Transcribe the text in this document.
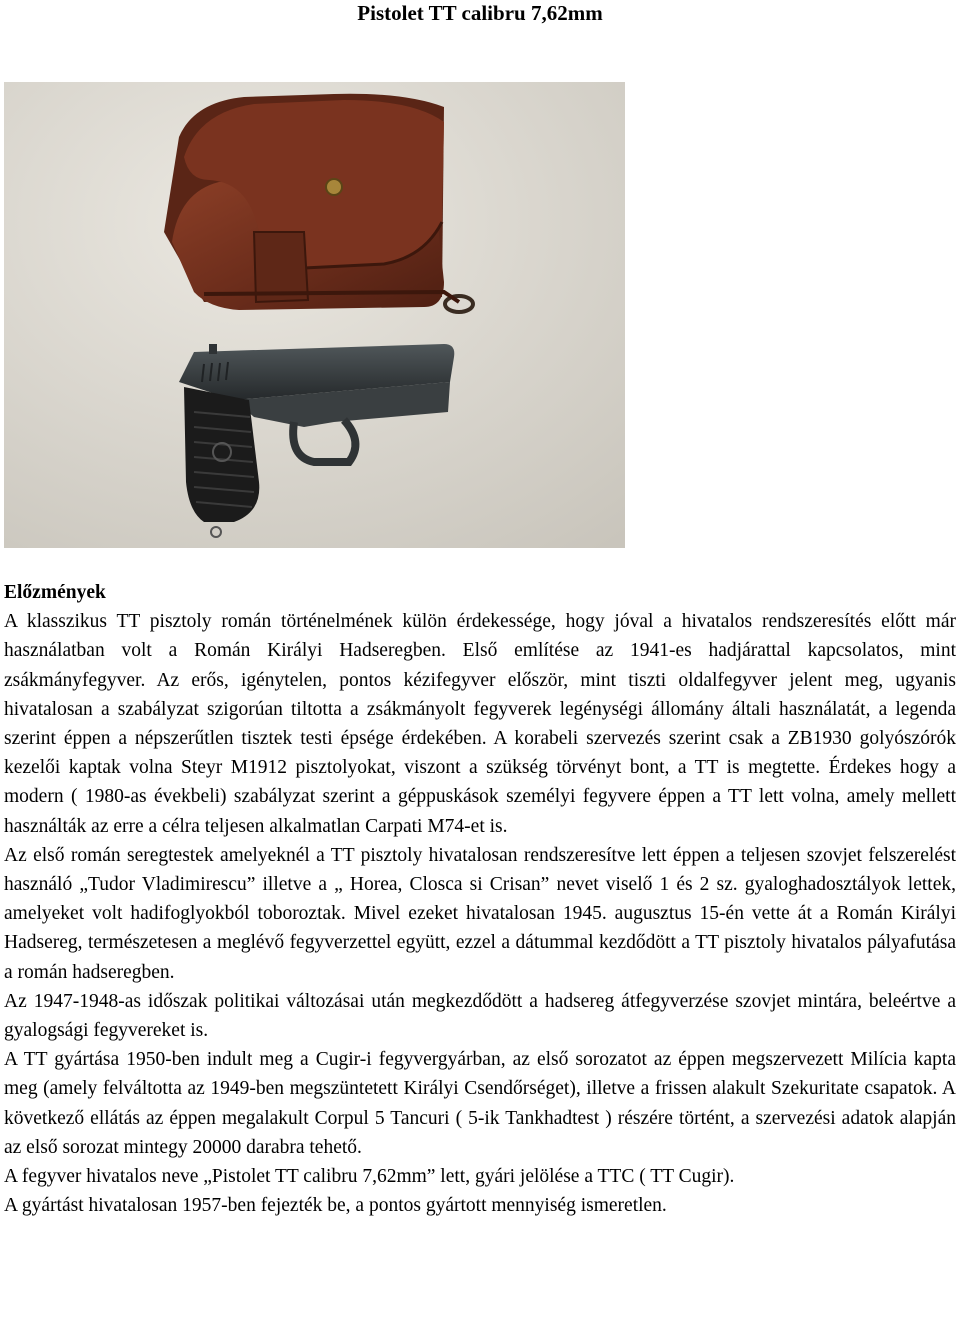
Pistolet TT calibru 7,62mm

Előzmények

A klasszikus TT pisztoly román történelmének külön érdekessége, hogy jóval a hivatalos rendszeresítés előtt már használatban volt a Román Királyi Hadseregben. Első említése az 1941-es hadjárattal kapcsolatos, mint zsákmányfegyver. Az erős, igénytelen, pontos kézifegyver először, mint tiszti oldalfegyver jelent meg, ugyanis hivatalosan a szabályzat szigorúan tiltotta a zsákmányolt fegyverek legénységi állomány általi használatát, a legenda szerint éppen a népszerűtlen tisztek testi épsége érdekében. A korabeli szervezés szerint csak a ZB1930 golyószórók kezelői kaptak volna Steyr M1912 pisztolyokat, viszont a szükség törvényt bont, a TT is megtette. Érdekes hogy a modern ( 1980-as évekbeli) szabályzat szerint a géppuskások személyi fegyvere éppen a TT lett volna, amely mellett használták az erre a célra teljesen alkalmatlan Carpati M74-et is.

Az első román seregtestek amelyeknél a TT pisztoly hivatalosan rendszeresítve lett éppen a teljesen szovjet felszerelést használó „Tudor Vladimirescu” illetve a „ Horea, Closca si Crisan” nevet viselő 1 és 2 sz. gyaloghadosztályok lettek, amelyeket volt hadifoglyokból toboroztak. Mivel ezeket hivatalosan 1945. augusztus 15-én vette át a Román Királyi Hadsereg, természetesen a meglévő fegyverzettel együtt, ezzel a dátummal kezdődött a TT pisztoly hivatalos pályafutása a román hadseregben.

Az 1947-1948-as időszak politikai változásai után megkezdődött a hadsereg átfegyverzése szovjet mintára, beleértve a gyalogsági fegyvereket is.

A TT gyártása 1950-ben indult meg a Cugir-i fegyvergyárban, az első sorozatot az éppen megszervezett Milícia kapta meg (amely felváltotta az 1949-ben megszüntetett Királyi Csendőrséget), illetve a frissen alakult Szekuritate csapatok. A következő ellátás az éppen megalakult Corpul 5 Tancuri ( 5-ik Tankhadtest ) részére történt, a szervezési adatok alapján az első sorozat mintegy 20000 darabra tehető.

A fegyver hivatalos neve „Pistolet TT calibru 7,62mm” lett, gyári jelölése a TTC ( TT Cugir).

A gyártást hivatalosan 1957-ben fejezték be, a pontos gyártott mennyiség ismeretlen.
